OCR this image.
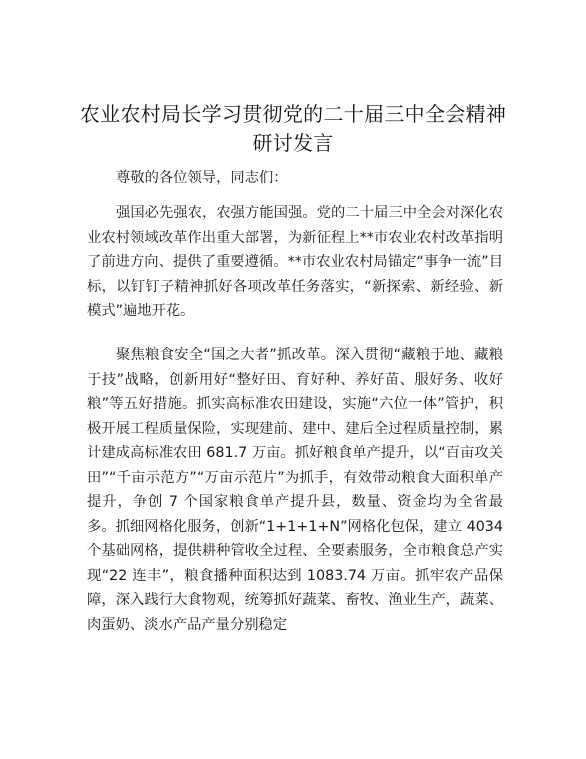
农业农村局长学习贯彻党的二十届三中全会精神研讨发言

尊敬的各位领导，同志们：

强国必先强农，农强方能国强。党的二十届三中全会对深化农业农村领域改革作出重大部署，为新征程上**市农业农村改革指明了前进方向、提供了重要遵循。**市农业农村局锚定“事争一流”目标，以钉钉子精神抓好各项改革任务落实，“新探索、新经验、新模式”遍地开花。

聚焦粮食安全“国之大者”抓改革。深入贯彻“藏粮于地、藏粮于技”战略，创新用好“整好田、育好种、养好苗、服好务、收好粮”等五好措施。抓实高标准农田建设，实施“六位一体”管护，积极开展工程质量保险，实现建前、建中、建后全过程质量控制，累计建成高标准农田 681.7 万亩。抓好粮食单产提升，以“百亩攻关田”“千亩示范方”“万亩示范片”为抓手，有效带动粮食大面积单产提升，争创 7 个国家粮食单产提升县，数量、资金均为全省最多。抓细网格化服务，创新“1+1+1+N”网格化包保，建立 4034 个基础网格，提供耕种管收全过程、全要素服务，全市粮食总产实现“22 连丰”，粮食播种面积达到 1083.74 万亩。抓牢农产品保障，深入践行大食物观，统筹抓好蔬菜、畜牧、渔业生产，蔬菜、肉蛋奶、淡水产品产量分别稳定
